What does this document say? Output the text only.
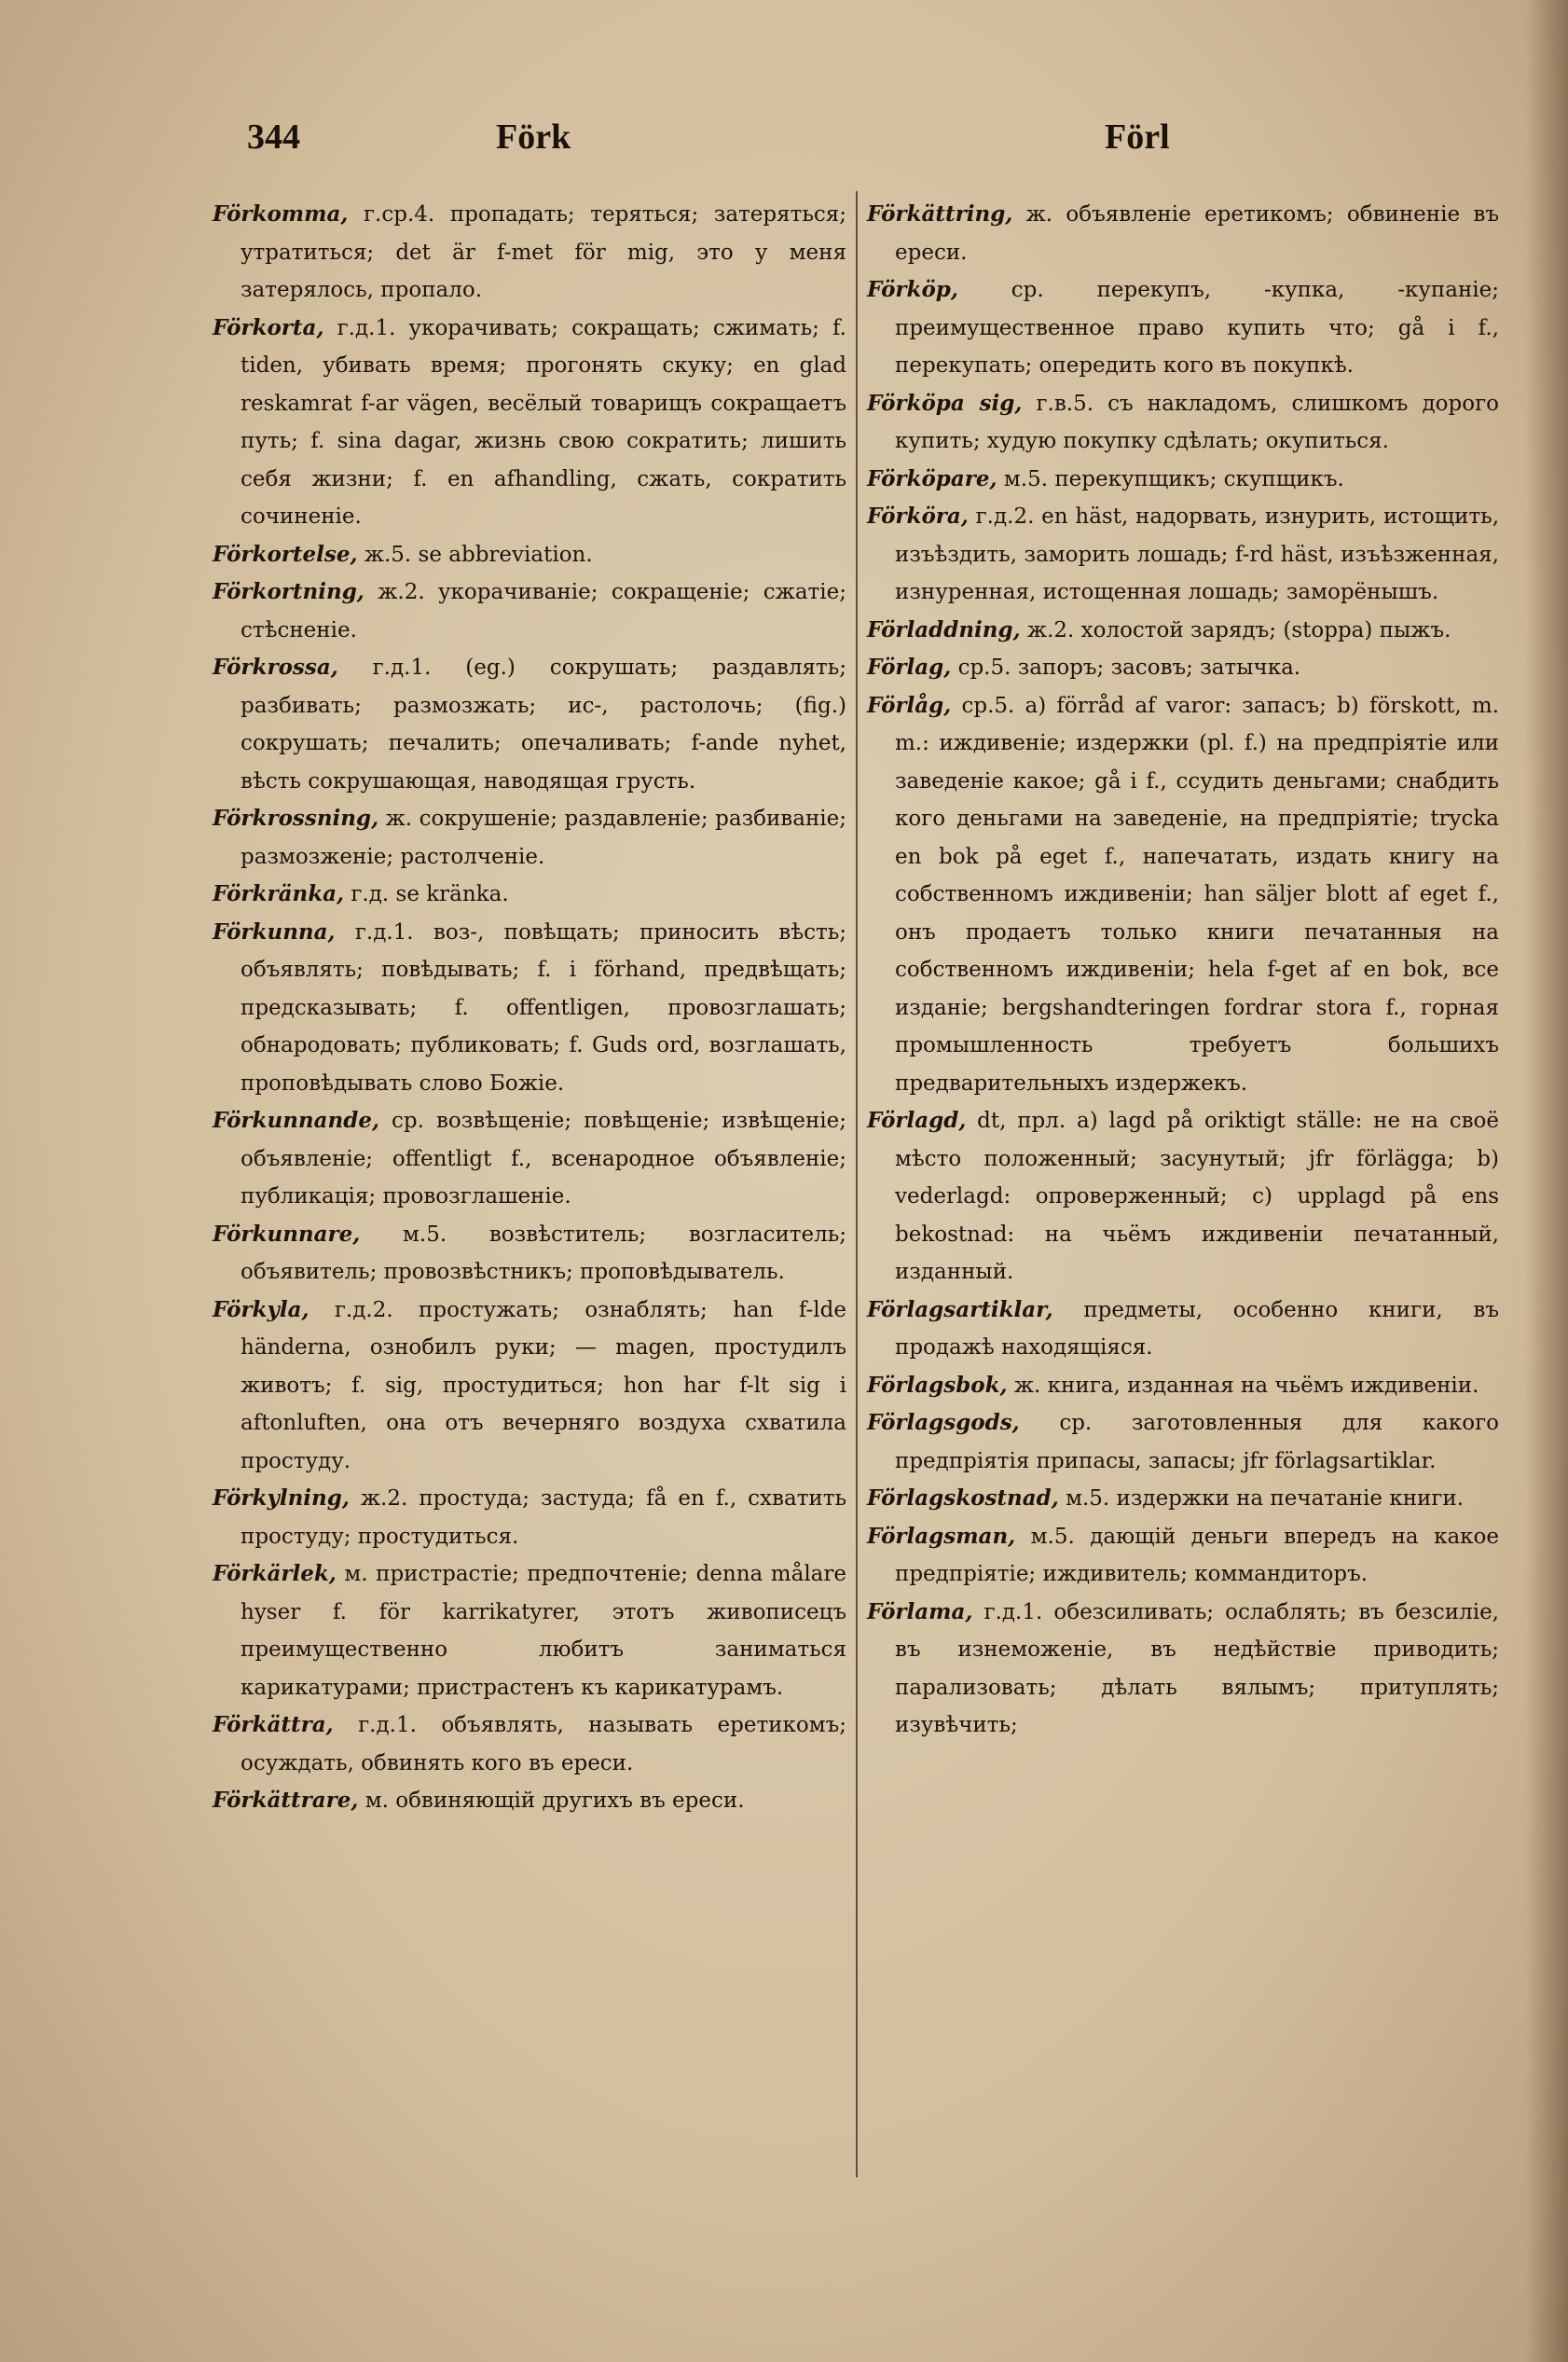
344	Förk	Förl

Förkomma, г.ср.4. пропадать; теряться; затеряться; утратиться; det är f-met för mig, это у меня затерялось, пропало.

Förkorta, г.д.1. укорачивать; сокращать; сжимать; f. tiden, убивать время; прогонять скуку; en glad reskamrat f-ar vägen, весёлый товарищъ сокращаетъ путь; f. sina dagar, жизнь свою сократить; лишить себя жизни; f. en afhandling, сжать, сократить сочиненіе.

Förkortelse, ж.5. se abbreviation.

Förkortning, ж.2. укорачиваніе; сокращеніе; сжатіе; стѣсненіе.

Förkrossa, г.д.1. (eg.) сокрушать; раздавлять; разбивать; размозжать; ис-, растолочь; (fig.) сокрушать; печалить; опечаливать; f-ande nyhet, вѣсть сокрушающая, наводящая грусть.

Förkrossning, ж. сокрушеніе; раздавленіе; разбиваніе; размозженіе; растолченіе.

Förkränka, г.д. se kränka.

Förkunna, г.д.1. воз-, повѣщать; приносить вѣсть; объявлять; повѣдывать; f. i förhand, предвѣщать; предсказывать; f. offentligen, провозглашать; обнародовать; публиковать; f. Guds ord, возглашать, проповѣдывать слово Божіе.

Förkunnande, ср. возвѣщеніе; повѣщеніе; извѣщеніе; объявленіе; offentligt f., всенародное объявленіе; публикація; провозглашеніе.

Förkunnare, м.5. возвѣститель; возгласитель; объявитель; провозвѣстникъ; проповѣдыватель.

Förkyla, г.д.2. простужать; ознаблять; han f-lde händerna, ознобилъ руки; — magen, простудилъ животъ; f. sig, простудиться; hon har f-lt sig i aftonluften, она отъ вечерняго воздуха схватила простуду.

Förkylning, ж.2. простуда; застуда; få en f., схватить простуду; простудиться.

Förkärlek, м. пристрастіе; предпочтеніе; denna målare hyser f. för karrikatyrer, этотъ живописецъ преимущественно любитъ заниматься карикатурами; пристрастенъ къ карикатурамъ.

Förkättra, г.д.1. объявлять, называть еретикомъ; осуждать, обвинять кого въ ереси.

Förkättrare, м. обвиняющій другихъ въ ереси.

Förkättring, ж. объявленіе еретикомъ; обвиненіе въ ереси.

Förköp, ср. перекупъ, -купка, -купаніе; преимущественное право купить что; gå i f., перекупать; опередить кого въ покупкѣ.

Förköpa sig, г.в.5. съ накладомъ, слишкомъ дорого купить; худую покупку сдѣлать; окупиться.

Förköpare, м.5. перекупщикъ; скупщикъ.

Förköra, г.д.2. en häst, надорвать, изнурить, истощить, изъѣздить, заморить лошадь; f-rd häst, изъѣзженная, изнуренная, истощенная лошадь; заморёнышъ.

Förladdning, ж.2. холостой зарядъ; (stoppa) пыжъ.

Förlag, ср.5. запоръ; засовъ; затычка.

Förlåg, ср.5. a) förråd af varor: запасъ; b) förskott, m. m.: иждивеніе; издержки (pl. f.) на предпріятіе или заведеніе какое; gå i f., ссудить деньгами; снабдить кого деньгами на заведеніе, на предпріятіе; trycka en bok på eget f., напечатать, издать книгу на собственномъ иждивеніи; han säljer blott af eget f., онъ продаетъ только книги печатанныя на собственномъ иждивеніи; hela f-get af en bok, все изданіе; bergshandteringen fordrar stora f., горная промышленность требуетъ большихъ предварительныхъ издержекъ.

Förlagd, dt, прл. a) lagd på oriktigt ställe: не на своё мѣсто положенный; засунутый; jfr förlägga; b) vederlagd: опроверженный; c) upplagd på ens bekostnad: на чьёмъ иждивеніи печатанный, изданный.

Förlagsartiklar, предметы, особенно книги, въ продажѣ находящіяся.

Förlagsbok, ж. книга, изданная на чьёмъ иждивеніи.

Förlagsgods, ср. заготовленныя для какого предпріятія припасы, запасы; jfr förlagsartiklar.

Förlagskostnad, м.5. издержки на печатаніе книги.

Förlagsman, м.5. дающій деньги впередъ на какое предпріятіе; иждивитель; коммандиторъ.

Förlama, г.д.1. обезсиливать; ослаблять; въ безсиліе, въ изнеможеніе, въ недѣйствіе приводить; парализовать; дѣлать вялымъ; притуплять; изувѣчить;
